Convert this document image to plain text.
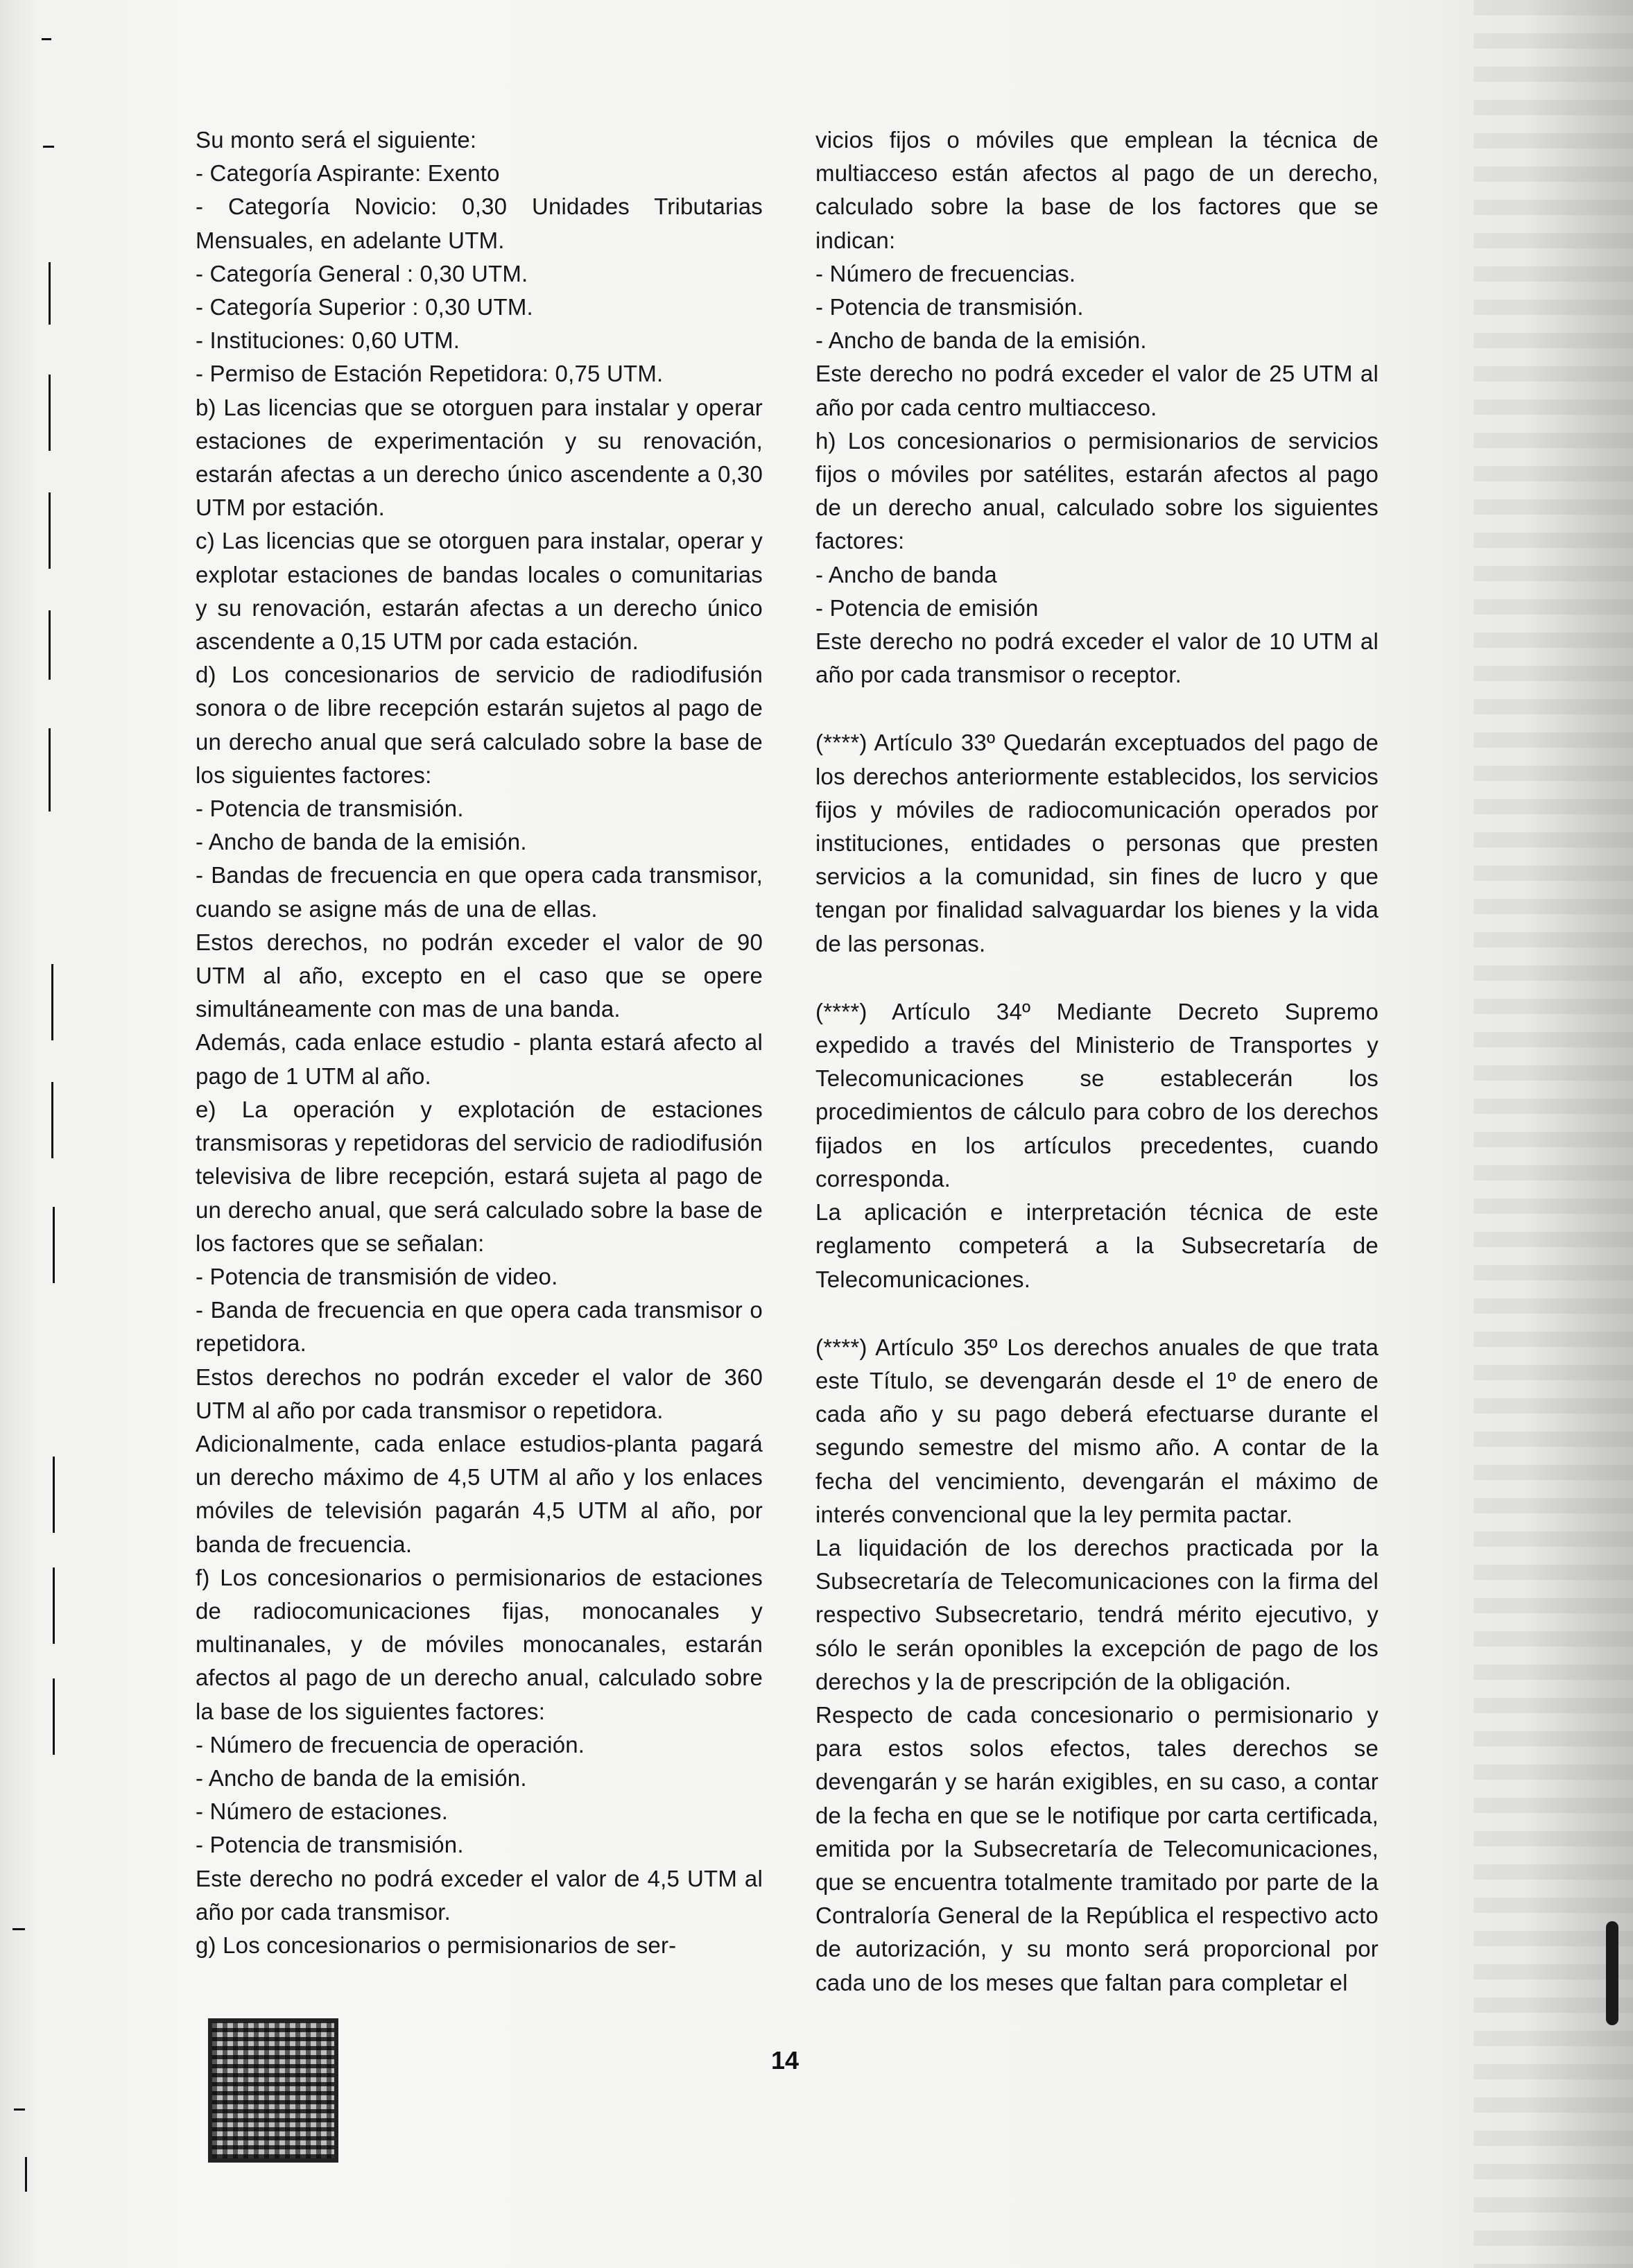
Su monto será el siguiente:

- Categoría Aspirante: Exento

- Categoría Novicio: 0,30 Unidades Tributarias Mensuales, en adelante UTM.

- Categoría General : 0,30 UTM.

- Categoría Superior : 0,30 UTM.

- Instituciones: 0,60 UTM.

- Permiso de Estación Repetidora: 0,75 UTM.

b) Las licencias que se otorguen para instalar y operar estaciones de experimentación y su renovación, estarán afectas a un derecho único ascendente a 0,30 UTM por estación.

c) Las licencias que se otorguen para instalar, operar y explotar estaciones de bandas locales o comunitarias y su renovación, estarán afectas a un derecho único ascendente a 0,15 UTM por cada estación.

d) Los concesionarios de servicio de radiodifusión sonora o de libre recepción estarán sujetos al pago de un derecho anual que será calculado sobre la base de los siguientes factores:

- Potencia de transmisión.

- Ancho de banda de la emisión.

- Bandas de frecuencia en que opera cada transmisor, cuando se asigne más de una de ellas.

Estos derechos, no podrán exceder el valor de 90 UTM al año, excepto en el caso que se opere simultáneamente con mas de una banda.

Además, cada enlace estudio - planta estará afecto al pago de 1 UTM al año.

e) La operación y explotación de estaciones transmisoras y repetidoras del servicio de radiodifusión televisiva de libre recepción, estará sujeta al pago de un derecho anual, que será calculado sobre la base de los factores que se señalan:

- Potencia de transmisión de video.

- Banda de frecuencia en que opera cada transmisor o repetidora.

Estos derechos no podrán exceder el valor de 360 UTM al año por cada transmisor o repetidora.

Adicionalmente, cada enlace estudios-planta pagará un derecho máximo de 4,5 UTM al año y los enlaces móviles de televisión pagarán 4,5 UTM al año, por banda de frecuencia.

f) Los concesionarios o permisionarios de estaciones de radiocomunicaciones fijas, monocanales y multinanales, y de móviles monocanales, estarán afectos al pago de un derecho anual, calculado sobre la base de los siguientes factores:

- Número de frecuencia de operación.

- Ancho de banda de la emisión.

- Número de estaciones.

- Potencia de transmisión.

Este derecho no podrá exceder el valor de 4,5 UTM al año por cada transmisor.

g) Los concesionarios o permisionarios de ser-

vicios fijos o móviles que emplean la técnica de multiacceso están afectos al pago de un derecho, calculado sobre la base de los factores que se indican:

- Número de frecuencias.

- Potencia de transmisión.

- Ancho de banda de la emisión.

Este derecho no podrá exceder el valor de 25 UTM al año por cada centro multiacceso.

h) Los concesionarios o permisionarios de servicios fijos o móviles por satélites, estarán afectos al pago de un derecho anual, calculado sobre los siguientes factores:

- Ancho de banda

- Potencia de emisión

Este derecho no podrá exceder el valor de 10 UTM al año por cada transmisor o receptor.

(****) Artículo 33º Quedarán exceptuados del pago de los derechos anteriormente establecidos, los servicios fijos y móviles de radiocomunicación operados por instituciones, entidades o personas que presten servicios a la comunidad, sin fines de lucro y que tengan por finalidad salvaguardar los bienes y la vida de las personas.

(****) Artículo 34º Mediante Decreto Supremo expedido a través del Ministerio de Transportes y Telecomunicaciones se establecerán los procedimientos de cálculo para cobro de los derechos fijados en los artículos precedentes, cuando corresponda.

La aplicación e interpretación técnica de este reglamento competerá a la Subsecretaría de Telecomunicaciones.

(****) Artículo 35º Los derechos anuales de que trata este Título, se devengarán desde el 1º de enero de cada año y su pago deberá efectuarse durante el segundo semestre del mismo año. A contar de la fecha del vencimiento, devengarán el máximo de interés convencional que la ley permita pactar.

La liquidación de los derechos practicada por la Subsecretaría de Telecomunicaciones con la firma del respectivo Subsecretario, tendrá mérito ejecutivo, y sólo le serán oponibles la excepción de pago de los derechos y la de prescripción de la obligación.

Respecto de cada concesionario o permisionario y para estos solos efectos, tales derechos se devengarán y se harán exigibles, en su caso, a contar de la fecha en que se le notifique por carta certificada, emitida por la Subsecretaría de Telecomunicaciones, que se encuentra totalmente tramitado por parte de la Contraloría General de la República el respectivo acto de autorización, y su monto será proporcional por cada uno de los meses que faltan para completar el

14
